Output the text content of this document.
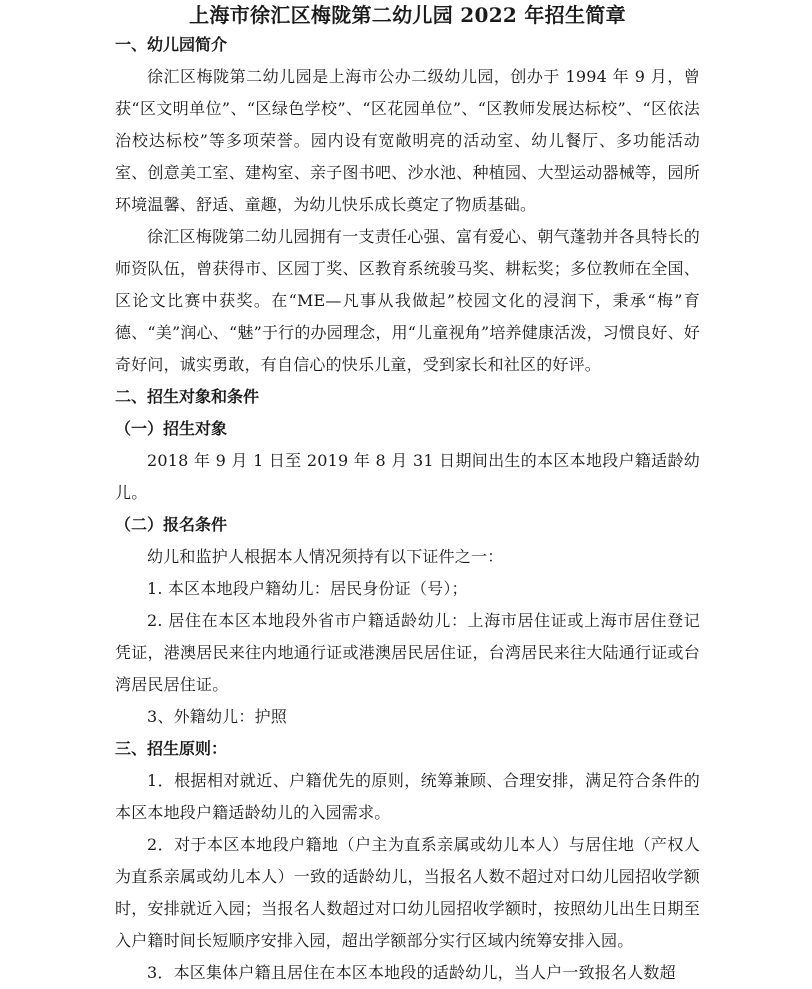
上海市徐汇区梅陇第二幼儿园 2022 年招生简章

一、幼儿园简介

徐汇区梅陇第二幼儿园是上海市公办二级幼儿园，创办于 1994 年 9 月，曾获“区文明单位”、“区绿色学校”、“区花园单位”、“区教师发展达标校”、“区依法治校达标校”等多项荣誉。园内设有宽敞明亮的活动室、幼儿餐厅、多功能活动室、创意美工室、建构室、亲子图书吧、沙水池、种植园、大型运动器械等，园所环境温馨、舒适、童趣，为幼儿快乐成长奠定了物质基础。

徐汇区梅陇第二幼儿园拥有一支责任心强、富有爱心、朝气蓬勃并各具特长的师资队伍，曾获得市、区园丁奖、区教育系统骏马奖、耕耘奖；多位教师在全国、区论文比赛中获奖。在“ME—凡事从我做起”校园文化的浸润下，秉承“梅”育德、“美”润心、“魅”于行的办园理念，用“儿童视角”培养健康活泼，习惯良好、好奇好问，诚实勇敢，有自信心的快乐儿童，受到家长和社区的好评。

二、招生对象和条件

（一）招生对象

2018 年 9 月 1 日至 2019 年 8 月 31 日期间出生的本区本地段户籍适龄幼儿。

（二）报名条件

幼儿和监护人根据本人情况须持有以下证件之一：

1. 本区本地段户籍幼儿：居民身份证（号）；

2. 居住在本区本地段外省市户籍适龄幼儿：上海市居住证或上海市居住登记凭证，港澳居民来往内地通行证或港澳居民居住证，台湾居民来往大陆通行证或台湾居民居住证。

3、外籍幼儿：护照

三、招生原则：

1．根据相对就近、户籍优先的原则，统筹兼顾、合理安排，满足符合条件的本区本地段户籍适龄幼儿的入园需求。

2．对于本区本地段户籍地（户主为直系亲属或幼儿本人）与居住地（产权人为直系亲属或幼儿本人）一致的适龄幼儿，当报名人数不超过对口幼儿园招收学额时，安排就近入园；当报名人数超过对口幼儿园招收学额时，按照幼儿出生日期至入户籍时间长短顺序安排入园，超出学额部分实行区域内统筹安排入园。

3．本区集体户籍且居住在本区本地段的适龄幼儿，当人户一致报名人数超
